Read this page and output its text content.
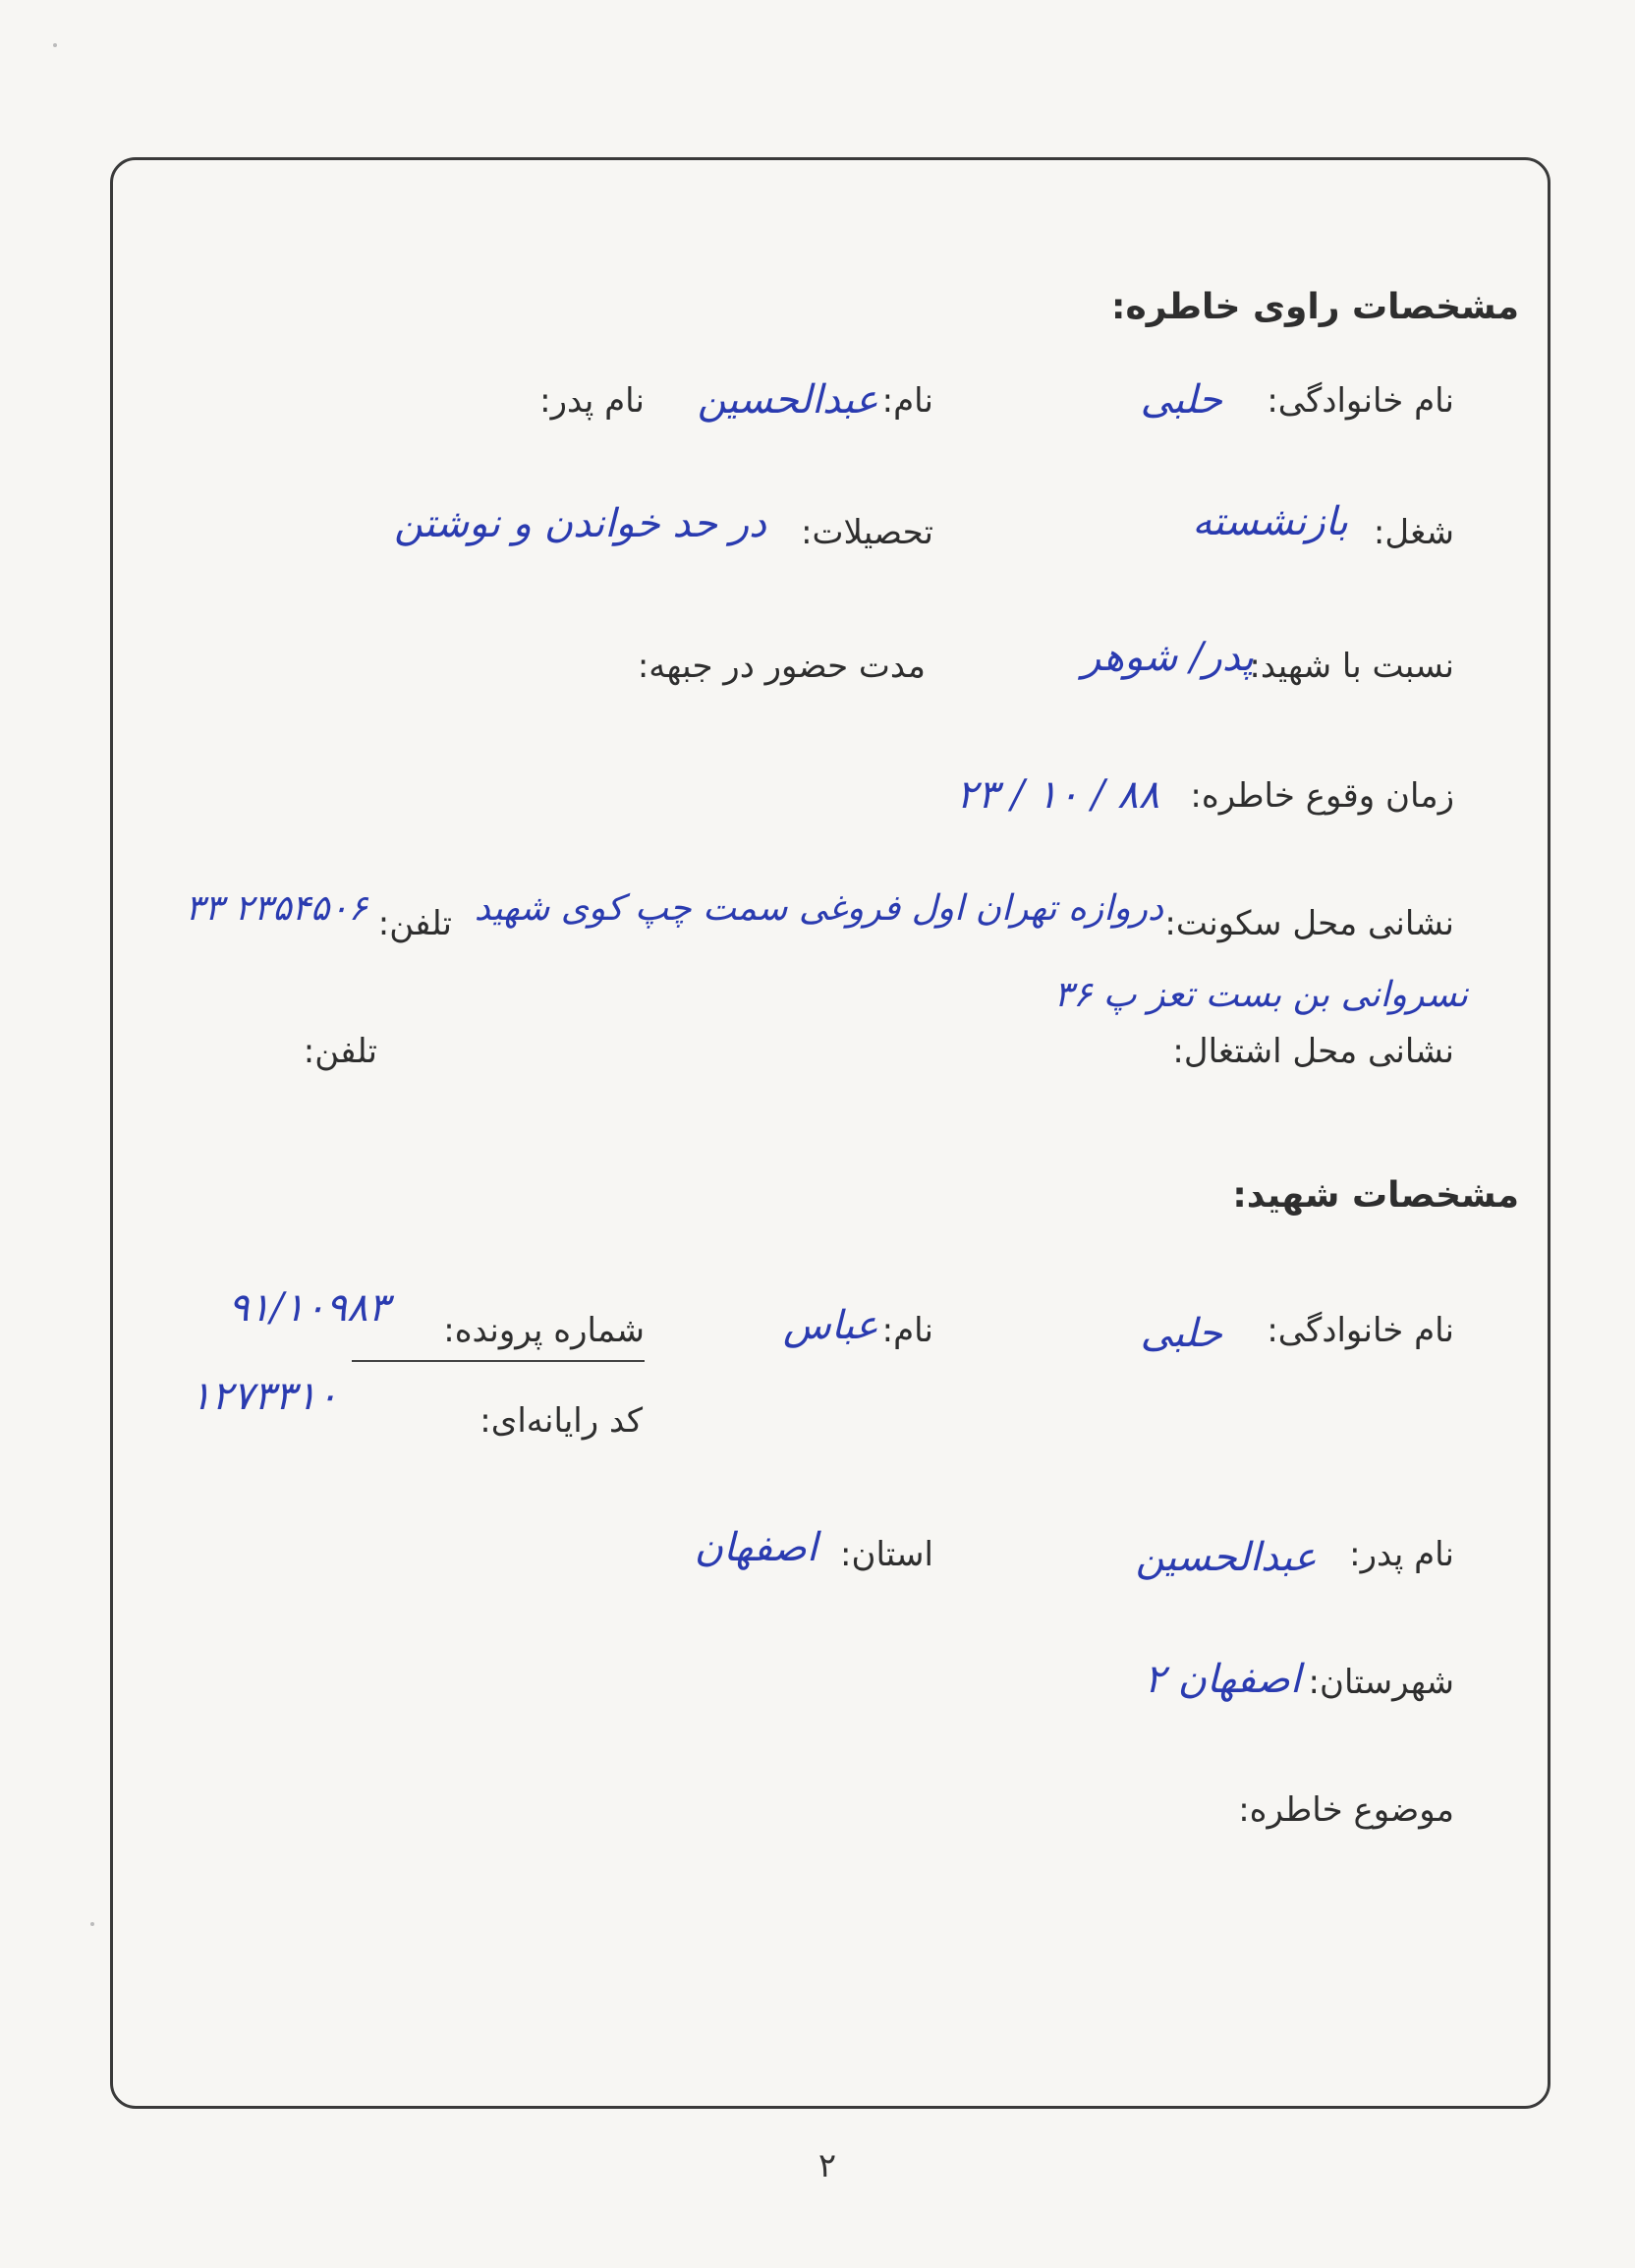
مشخصات راوی خاطره:
نام خانوادگی:
حلبی
نام:
عبدالحسین
نام پدر:
شغل:
بازنشسته
تحصیلات:
در حد خواندن و نوشتن
نسبت با شهید:
پدر/ شوهر
مدت حضور در جبهه:
زمان وقوع خاطره:
۸۸ / ۱۰ / ۲۳
نشانی محل سکونت:
دروازه تهران اول فروغی سمت چپ کوی شهید
تلفن:
۲۳۵۴۵۰۶ ۳۳
نسروانی بن بست تعز پ ۳۶
نشانی محل اشتغال:
تلفن:
مشخصات شهید:
نام خانوادگی:
حلبی
نام:
عباس
شماره پرونده:
۹۱/۱۰۹۸۳
کد رایانه‌ای:
۱۲۷۳۳۱۰
نام پدر:
عبدالحسین
استان:
اصفهان
شهرستان:
اصفهان ۲
موضوع خاطره:
۲
